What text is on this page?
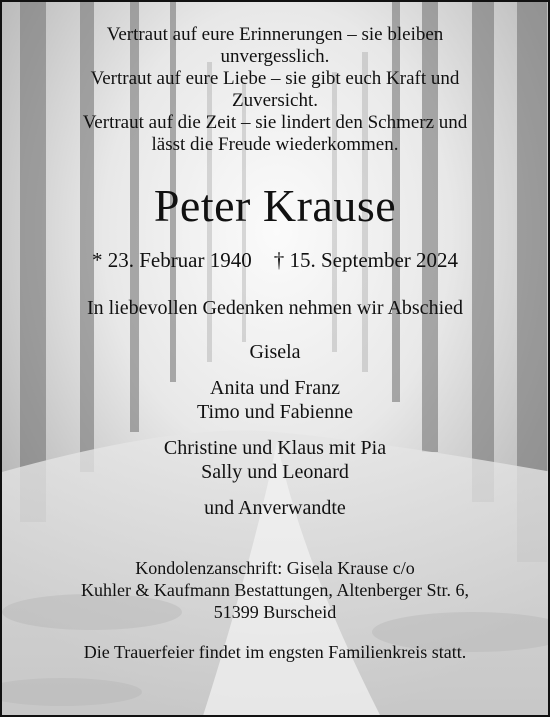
Vertraut auf eure Erinnerungen – sie bleiben
unvergesslich.
Vertraut auf eure Liebe – sie gibt euch Kraft und
Zuversicht.
Vertraut auf die Zeit – sie lindert den Schmerz und
lässt die Freude wiederkommen.
Peter Krause
* 23. Februar 1940 † 15. September 2024
In liebevollen Gedenken nehmen wir Abschied
Gisela
Anita und Franz
Timo und Fabienne
Christine und Klaus mit Pia
Sally und Leonard
und Anverwandte
Kondolenzanschrift: Gisela Krause c/o
Kuhler & Kaufmann Bestattungen, Altenberger Str. 6,
51399 Burscheid
Die Trauerfeier findet im engsten Familienkreis statt.
